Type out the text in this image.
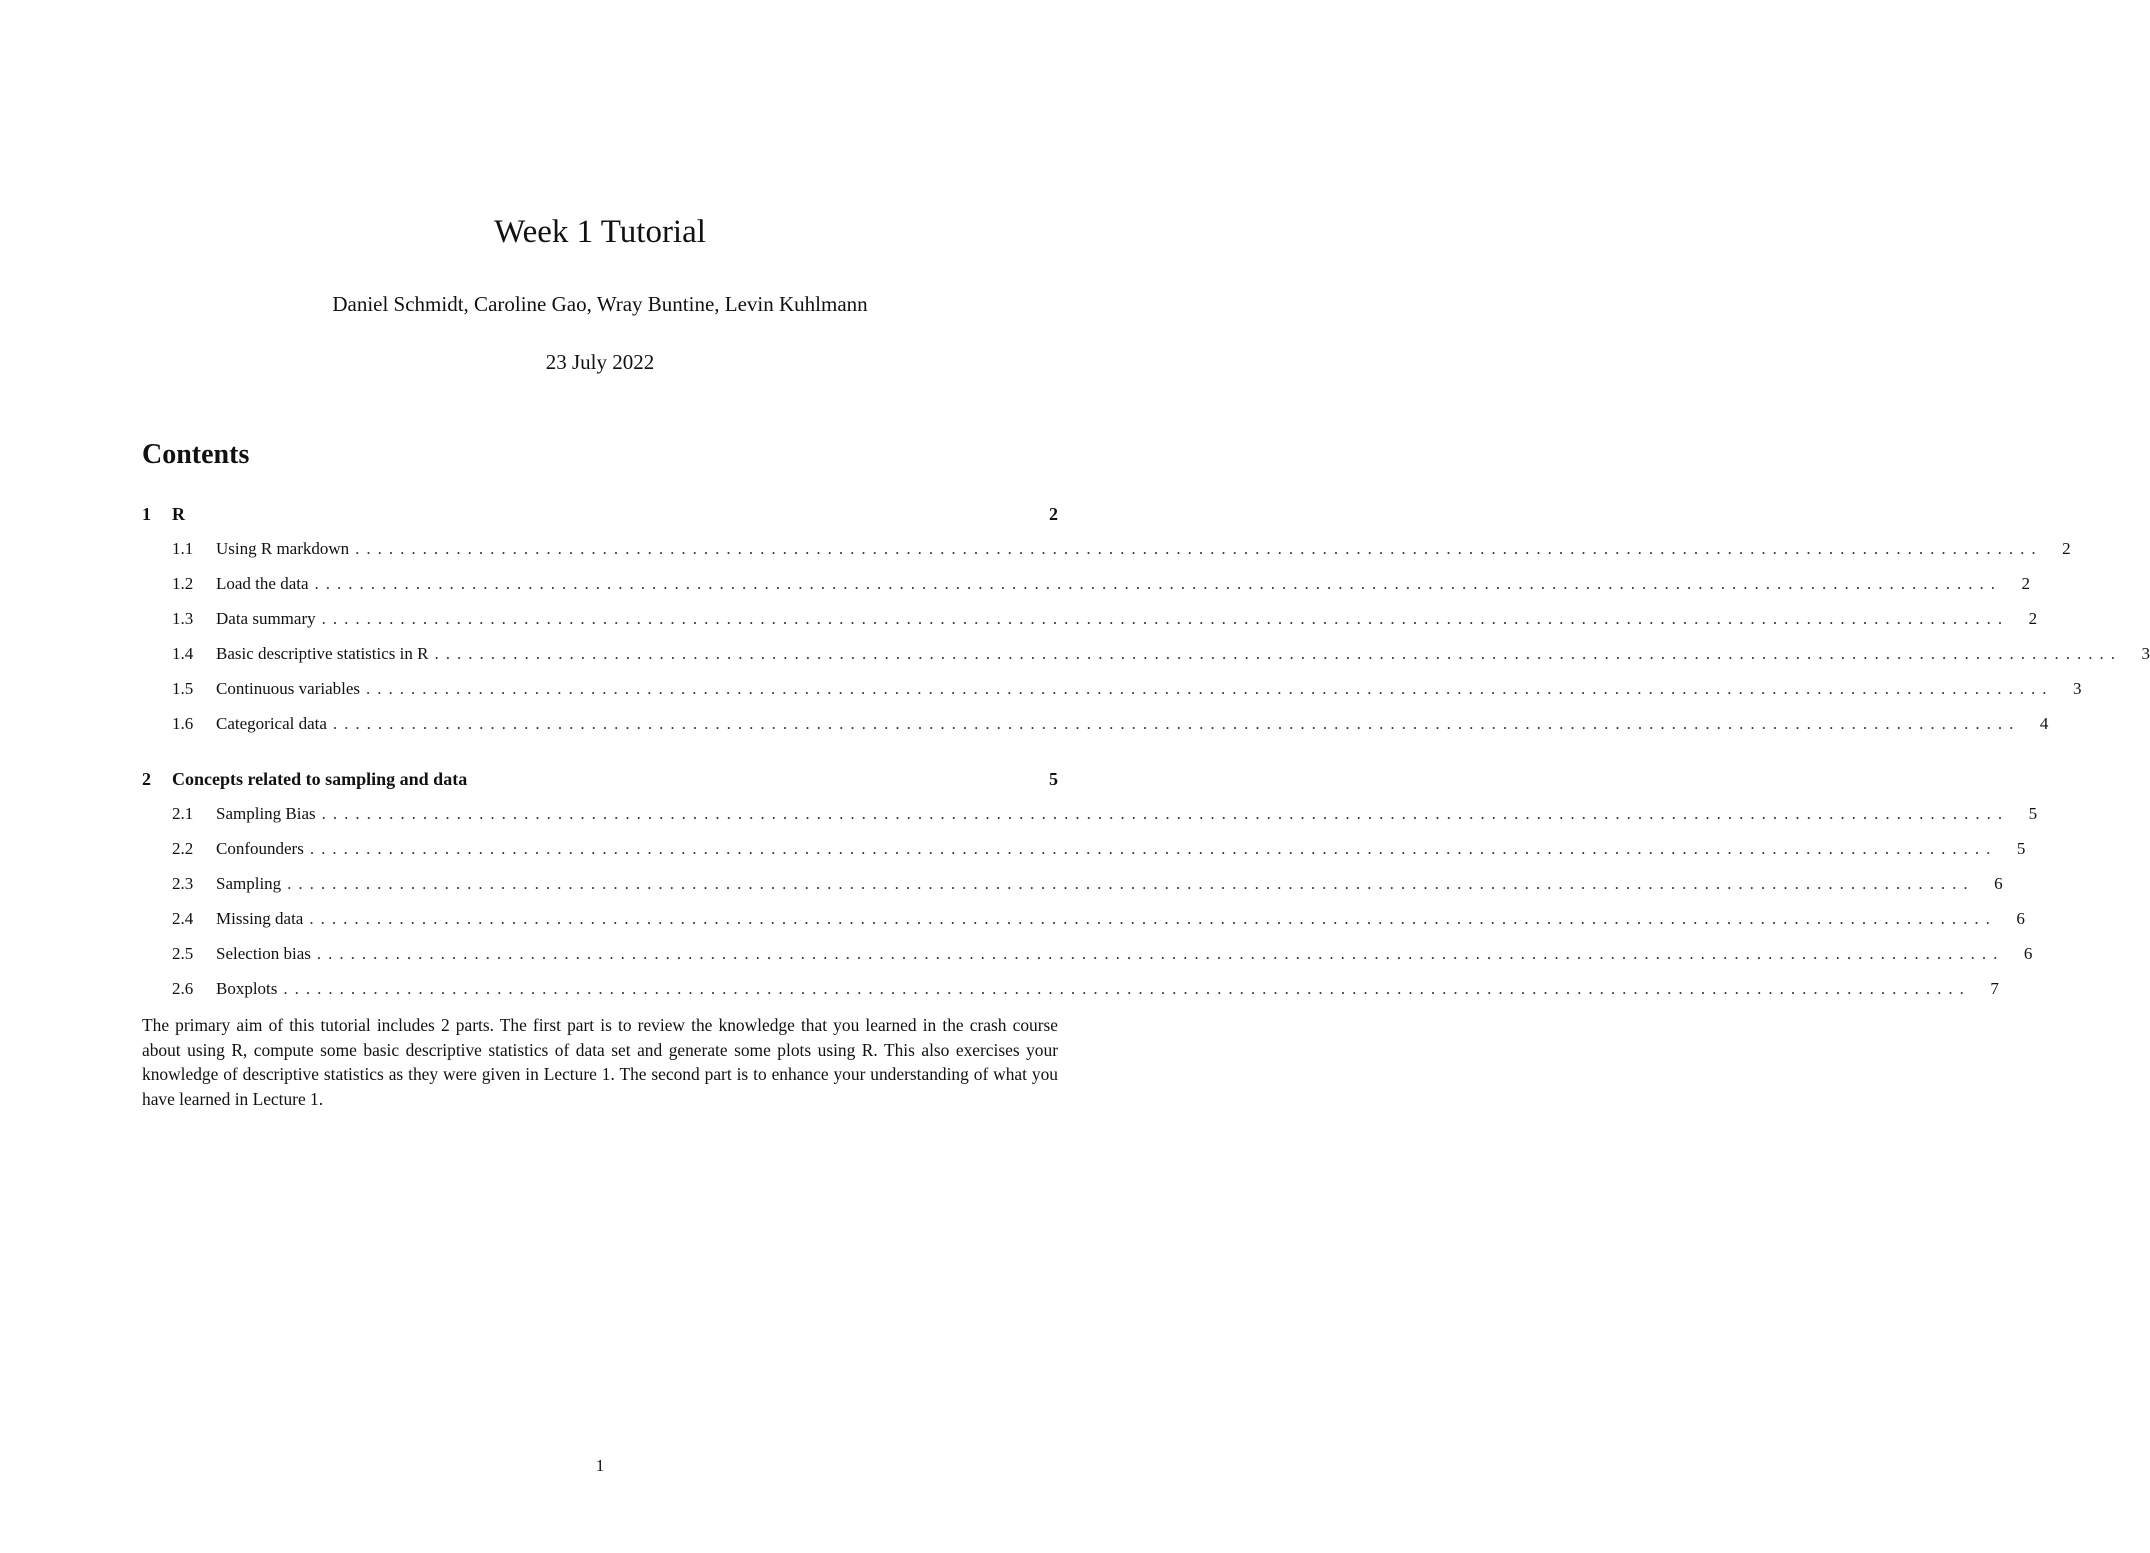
Week 1 Tutorial
Daniel Schmidt, Caroline Gao, Wray Buntine, Levin Kuhlmann
23 July 2022
Contents
1	R	2
1.1	Using R markdown ......................................................................................................................................................	2
1.2	Load the data ......................................................................................................................................................	2
1.3	Data summary ......................................................................................................................................................	2
1.4	Basic descriptive statistics in R ......................................................................................................................................................	3
1.5	Continuous variables ......................................................................................................................................................	3
1.6	Categorical data ......................................................................................................................................................	4
2	Concepts related to sampling and data	5
2.1	Sampling Bias ......................................................................................................................................................	5
2.2	Confounders ......................................................................................................................................................	5
2.3	Sampling ......................................................................................................................................................	6
2.4	Missing data ......................................................................................................................................................	6
2.5	Selection bias ......................................................................................................................................................	6
2.6	Boxplots ......................................................................................................................................................	7

The primary aim of this tutorial includes 2 parts. The first part is to review the knowledge that you learned in the crash course about using R, compute some basic descriptive statistics of data set and generate some plots using R. This also exercises your knowledge of descriptive statistics as they were given in Lecture 1. The second part is to enhance your understanding of what you have learned in Lecture 1.

1
